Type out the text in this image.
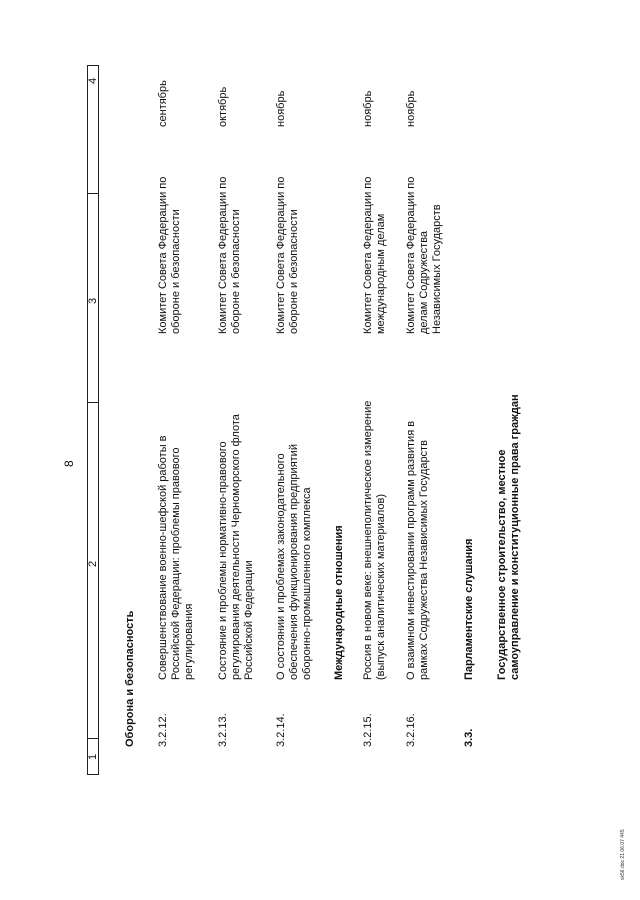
8
1
2
3
4
Оборона и безопасность 3.2.12.
Совершенствование военно-шефской работы в Российской Федерации: проблемы правового регулирования
Комитет Совета Федерации по обороне и безопасности
сентябрь
3.2.13.
Состояние и проблемы нормативно-правового регулирования деятельности Черноморского флота Российской Федерации
Комитет Совета Федерации по обороне и безопасности
октябрь
3.2.14.
О состоянии и проблемах законодательного обеспечения функционирования предприятий оборонно-промышленного комплекса
Комитет Совета Федерации по обороне и безопасности
ноябрь
Международные отношения
3.2.15.
Россия в новом веке: внешнеполитическое измерение (выпуск аналитических материалов)
Комитет Совета Федерации по международным делам
ноябрь
3.2.16.
О взаимном инвестировании программ развития в рамках Содружества Независимых Государств
Комитет Совета Федерации по делам Содружества Независимых Государств
ноябрь
3.3.
Парламентские слушания Государственное строительство, местное самоуправление и конституционные права граждан
sk56.doc 21.06.07 445
